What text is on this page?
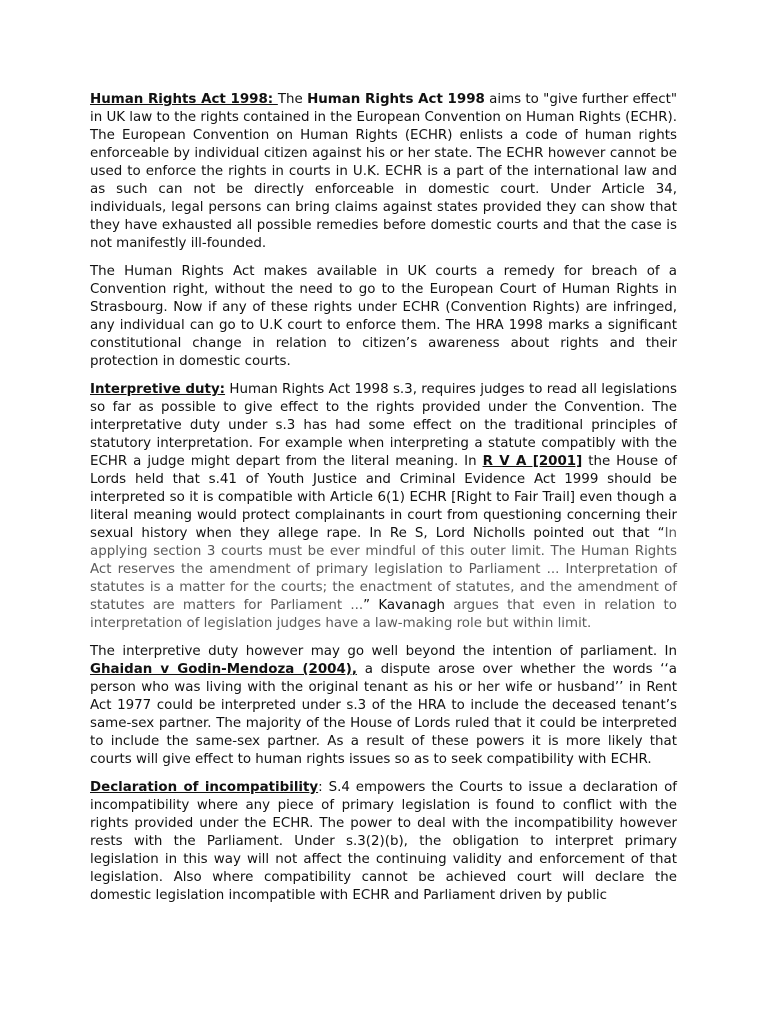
Human Rights Act 1998: The Human Rights Act 1998 aims to "give further effect" in UK law to the rights contained in the European Convention on Human Rights (ECHR). The European Convention on Human Rights (ECHR) enlists a code of human rights enforceable by individual citizen against his or her state. The ECHR however cannot be used to enforce the rights in courts in U.K. ECHR is a part of the international law and as such can not be directly enforceable in domestic court. Under Article 34, individuals, legal persons can bring claims against states provided they can show that they have exhausted all possible remedies before domestic courts and that the case is not manifestly ill-founded.

The Human Rights Act makes available in UK courts a remedy for breach of a Convention right, without the need to go to the European Court of Human Rights in Strasbourg. Now if any of these rights under ECHR (Convention Rights) are infringed, any individual can go to U.K court to enforce them. The HRA 1998 marks a significant constitutional change in relation to citizen’s awareness about rights and their protection in domestic courts.

Interpretive duty: Human Rights Act 1998 s.3, requires judges to read all legislations so far as possible to give effect to the rights provided under the Convention. The interpretative duty under s.3 has had some effect on the traditional principles of statutory interpretation. For example when interpreting a statute compatibly with the ECHR a judge might depart from the literal meaning. In R V A [2001] the House of Lords held that s.41 of Youth Justice and Criminal Evidence Act 1999 should be interpreted so it is compatible with Article 6(1) ECHR [Right to Fair Trail] even though a literal meaning would protect complainants in court from questioning concerning their sexual history when they allege rape. In Re S, Lord Nicholls pointed out that “In applying section 3 courts must be ever mindful of this outer limit. The Human Rights Act reserves the amendment of primary legislation to Parliament ... Interpretation of statutes is a matter for the courts; the enactment of statutes, and the amendment of statutes are matters for Parliament ...” Kavanagh argues that even in relation to interpretation of legislation judges have a law-making role but within limit.

The interpretive duty however may go well beyond the intention of parliament. In Ghaidan v Godin-Mendoza (2004), a dispute arose over whether the words ‘‘a person who was living with the original tenant as his or her wife or husband’’ in Rent Act 1977 could be interpreted under s.3 of the HRA to include the deceased tenant’s same-sex partner. The majority of the House of Lords ruled that it could be interpreted to include the same-sex partner. As a result of these powers it is more likely that courts will give effect to human rights issues so as to seek compatibility with ECHR.

Declaration of incompatibility: S.4 empowers the Courts to issue a declaration of incompatibility where any piece of primary legislation is found to conflict with the rights provided under the ECHR. The power to deal with the incompatibility however rests with the Parliament. Under s.3(2)(b), the obligation to interpret primary legislation in this way will not affect the continuing validity and enforcement of that legislation. Also where compatibility cannot be achieved court will declare the domestic legislation incompatible with ECHR and Parliament driven by public
